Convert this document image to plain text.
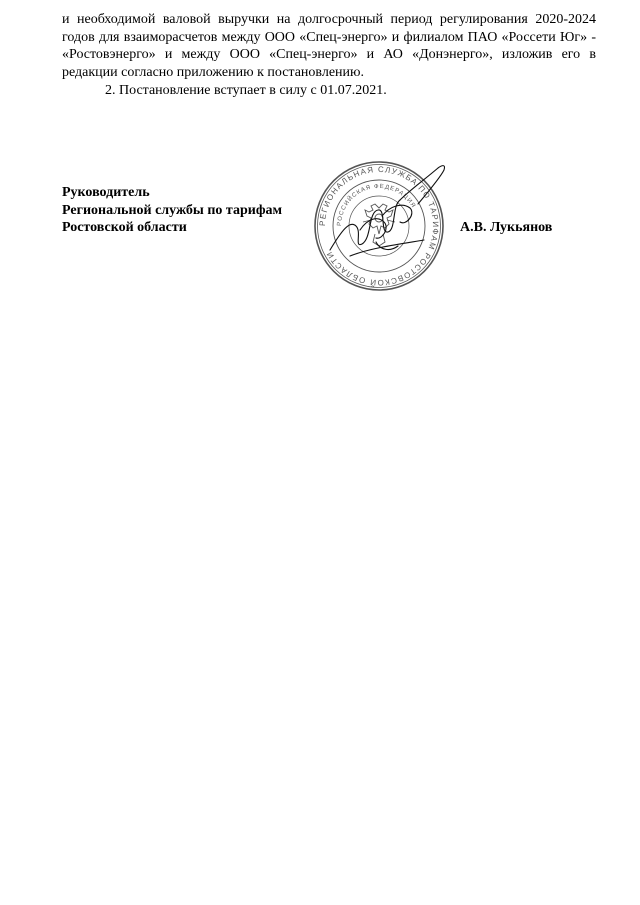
и необходимой валовой выручки на долгосрочный период регулирования 2020-2024 годов для взаиморасчетов между ООО «Спец-энерго» и филиалом ПАО «Россети Юг» - «Ростовэнерго» и между ООО «Спец-энерго» и АО «Донэнерго», изложив его в редакции согласно приложению к постановлению.

2. Постановление вступает в силу с 01.07.2021.

Руководитель
Региональной службы по тарифам
Ростовской области	А.В. Лукьянов
РЕГИОНАЛЬНАЯ СЛУЖБА ПО ТАРИФАМ РОСТОВСКОЙ ОБЛАСТИ
РОССИЙСКАЯ ФЕДЕРАЦИЯ
